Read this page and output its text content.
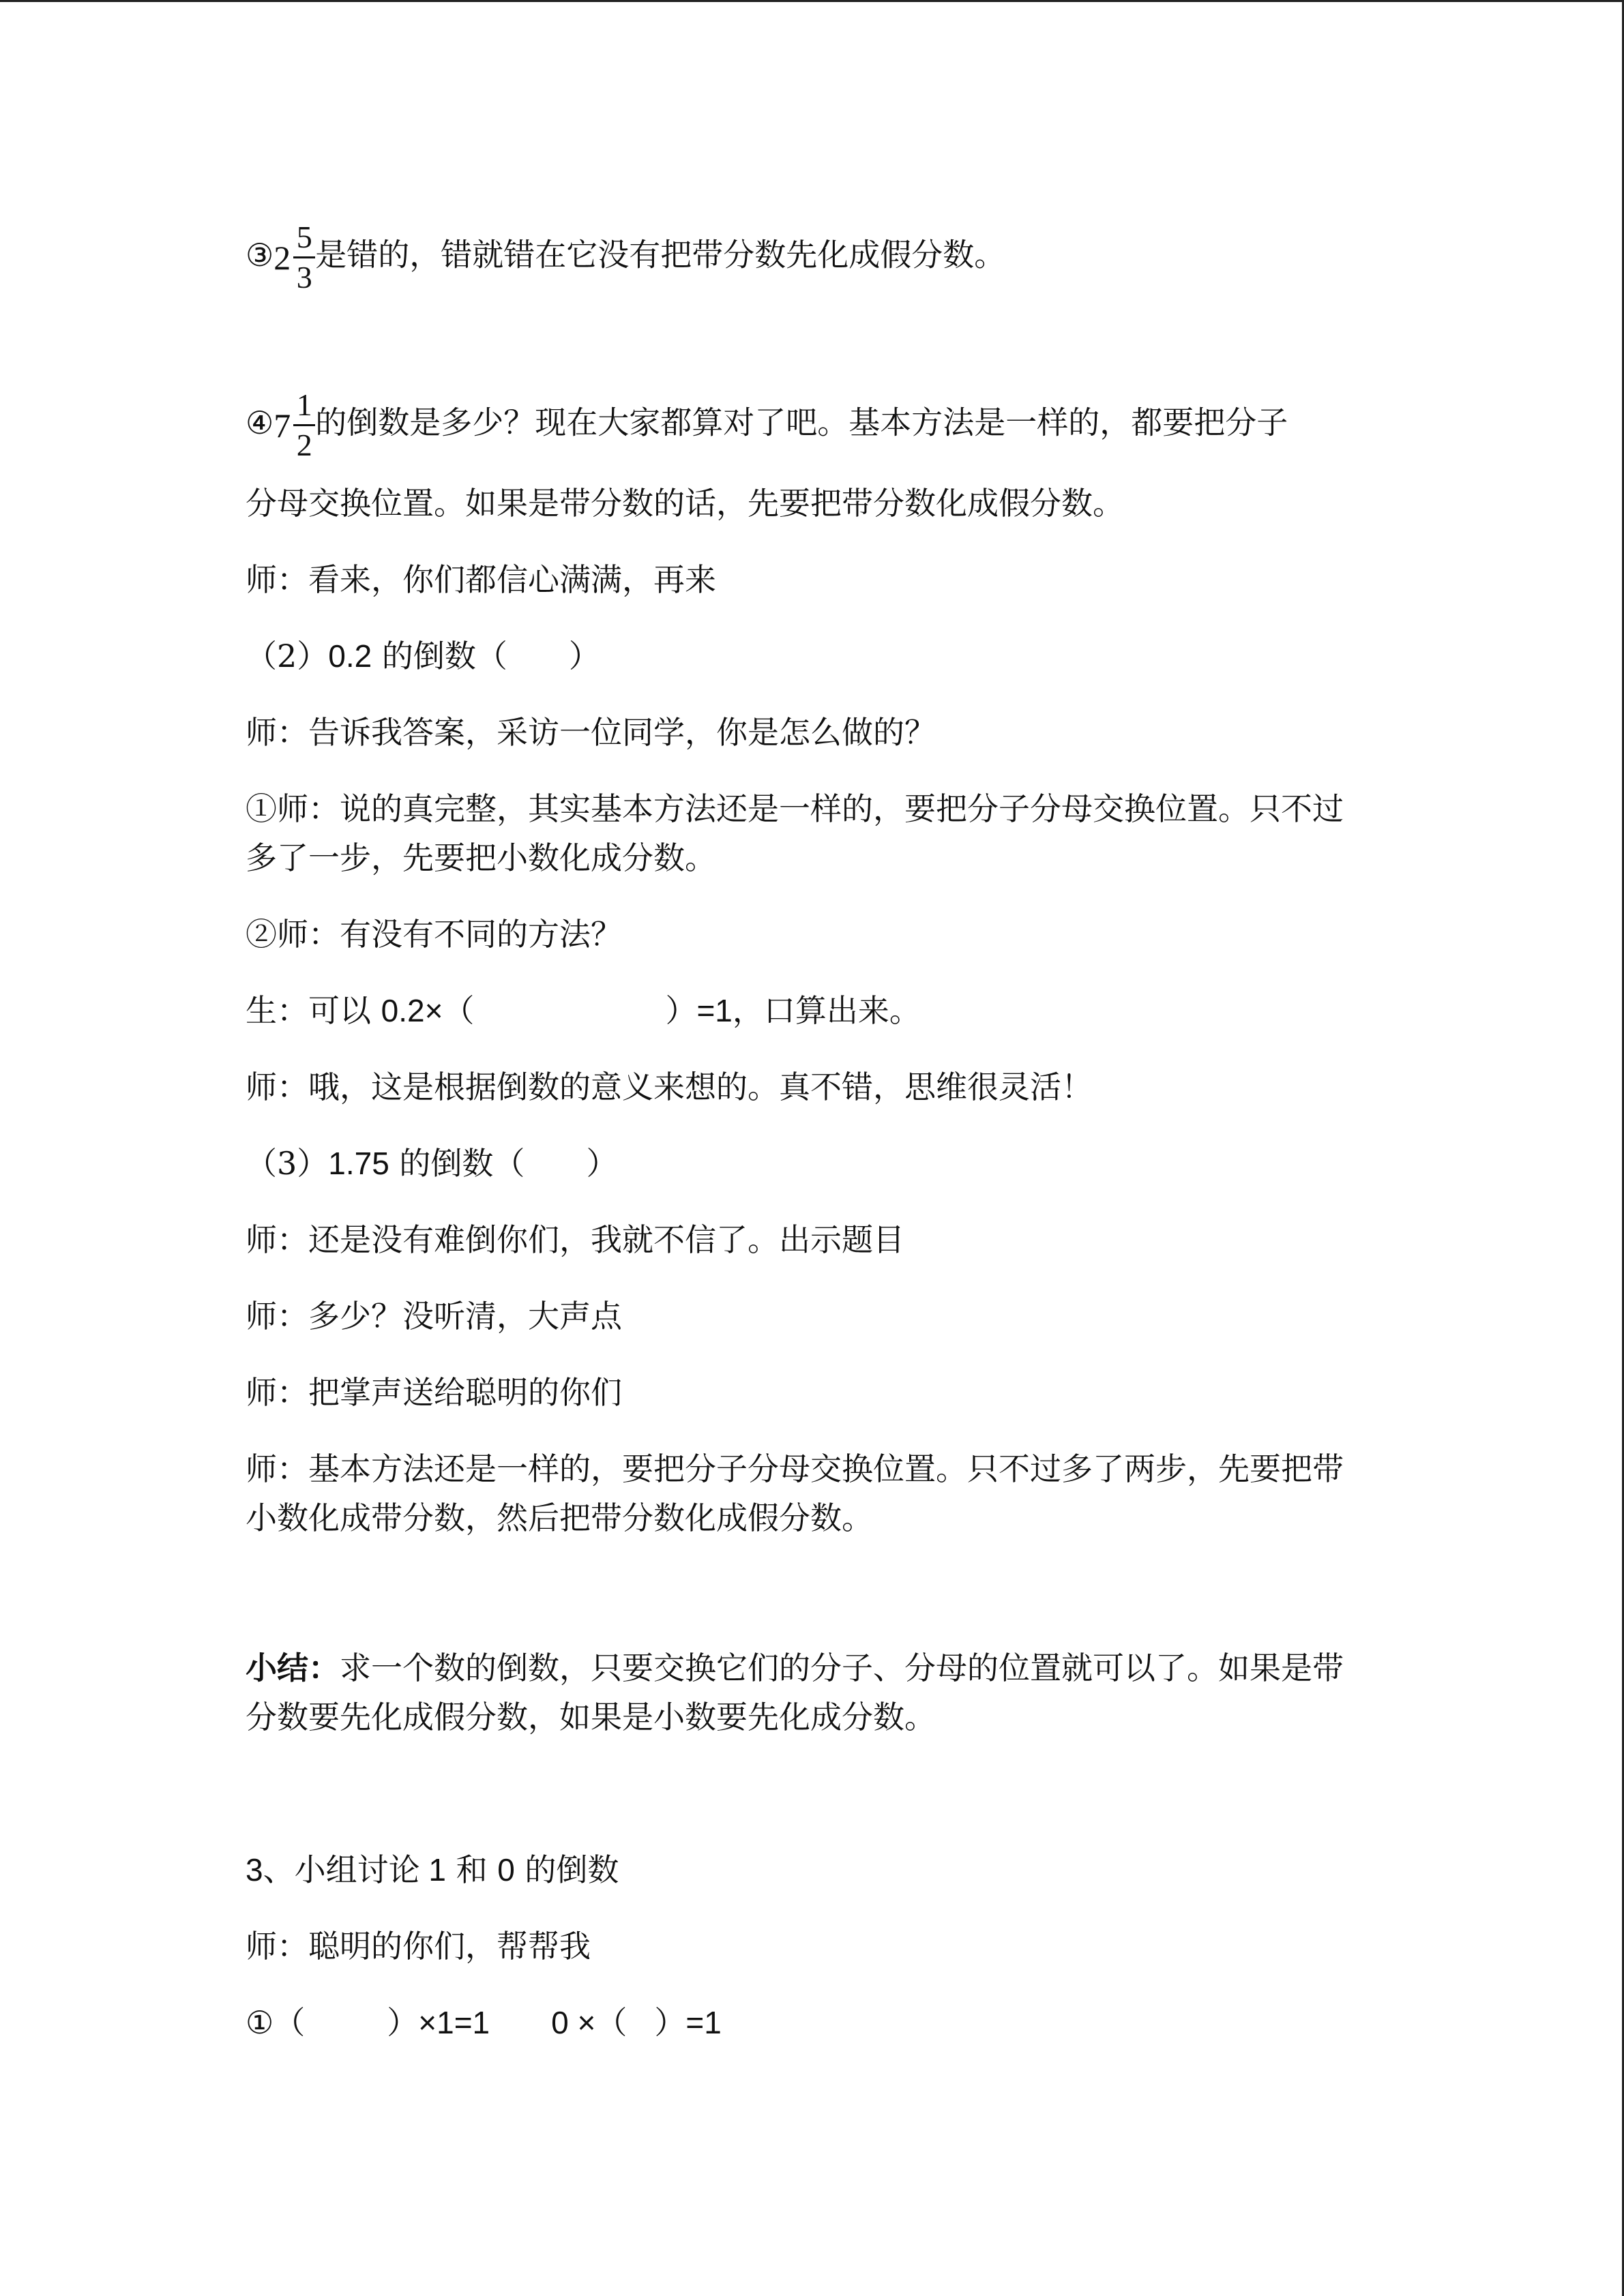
③2 $\frac{5}{3}$ 是错的，错就错在它没有把带分数先化成假分数。
④7 $\frac{1}{2}$ 的倒数是多少？现在大家都算对了吧。基本方法是一样的，都要把分子
分母交换位置。如果是带分数的话，先要把带分数化成假分数。
师：看来，你们都信心满满，再来
（2）0.2 的倒数（ ）
师：告诉我答案，采访一位同学，你是怎么做的？
①师：说的真完整，其实基本方法还是一样的，要把分子分母交换位置。只不过多了一步，先要把小数化成分数。
②师：有没有不同的方法？
生：可以 0.2×（	）=1，口算出来。
师：哦，这是根据倒数的意义来想的。真不错，思维很灵活！
（3）1.75 的倒数（ ）
师：还是没有难倒你们，我就不信了。出示题目
师：多少？没听清，大声点
师：把掌声送给聪明的你们
师：基本方法还是一样的，要把分子分母交换位置。只不过多了两步，先要把带小数化成带分数，然后把带分数化成假分数。
小结：求一个数的倒数，只要交换它们的分子、分母的位置就可以了。如果是带分数要先化成假分数，如果是小数要先化成分数。
3、小组讨论 1 和 0 的倒数
师：聪明的你们，帮帮我
①（	）×1=1 0 ×（ ）=1
